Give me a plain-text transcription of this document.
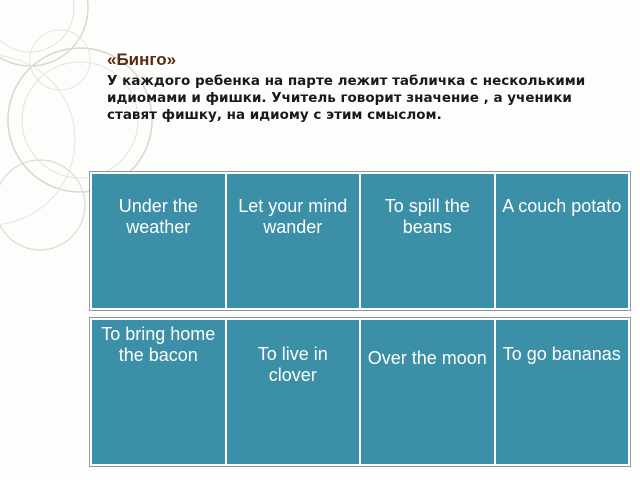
«Бинго»

У каждого ребенка на парте лежит табличка с несколькими идиомами и фишки. Учитель говорит значение , а ученики ставят фишку, на идиому с этим смыслом.

Under the weather
Let your mind wander
To spill the beans
A couch potato
To bring home the bacon	To live in clover
Over the moon To go bananas
